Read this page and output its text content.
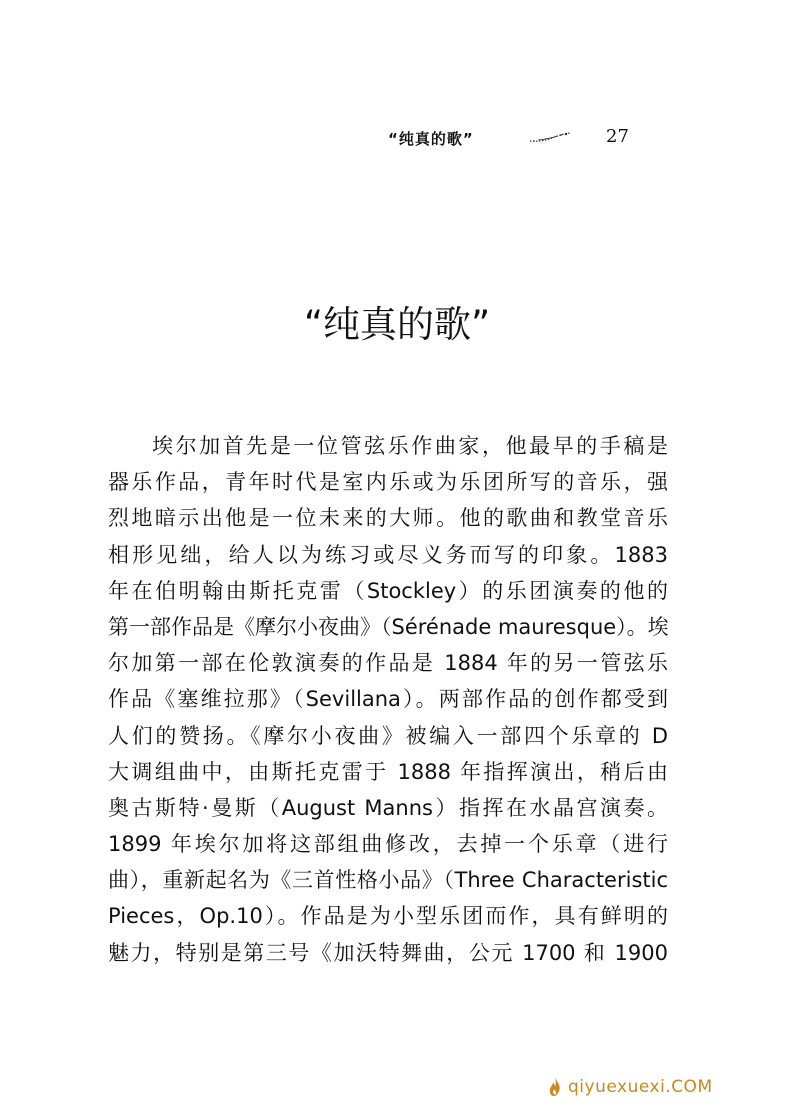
“纯真的歌”	27
“纯真的歌”
埃尔加首先是一位管弦乐作曲家，他最早的手稿是
器乐作品，青年时代是室内乐或为乐团所写的音乐，强
烈地暗示出他是一位未来的大师。他的歌曲和教堂音乐
相形见绌，给人以为练习或尽义务而写的印象。1883
年在伯明翰由斯托克雷（Stockley）的乐团演奏的他的
第一部作品是《摩尔小夜曲》（Sérénade mauresque）。埃
尔加第一部在伦敦演奏的作品是 1884 年的另一管弦乐
作品《塞维拉那》（Sevillana）。两部作品的创作都受到
人们的赞扬。《摩尔小夜曲》被编入一部四个乐章的 D
大调组曲中，由斯托克雷于 1888 年指挥演出，稍后由
奥古斯特·曼斯（August Manns）指挥在水晶宫演奏。
1899 年埃尔加将这部组曲修改，去掉一个乐章（进行
曲），重新起名为《三首性格小品》（Three Characteristic
Pieces，Op.10）。作品是为小型乐团而作，具有鲜明的
魅力，特别是第三号《加沃特舞曲，公元 1700 和 1900
qiyuexuexi.COM
